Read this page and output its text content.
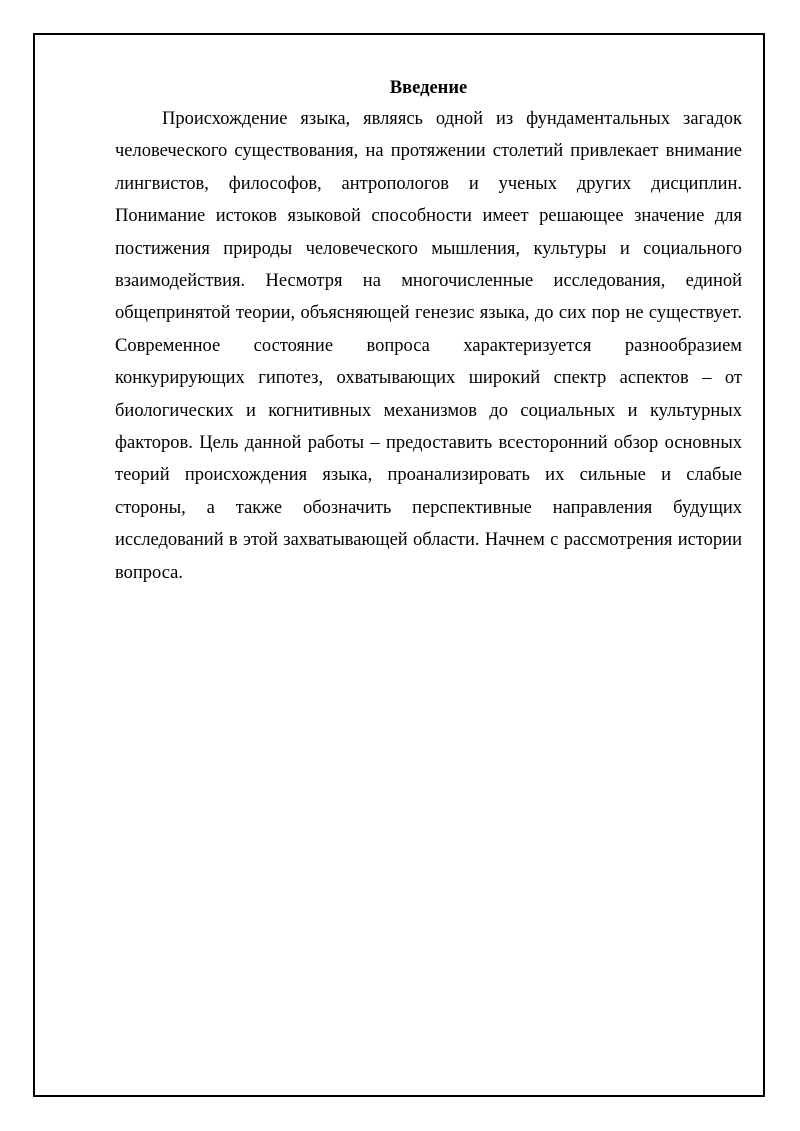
Введение

Происхождение языка, являясь одной из фундаментальных загадок человеческого существования, на протяжении столетий привлекает внимание лингвистов, философов, антропологов и ученых других дисциплин. Понимание истоков языковой способности имеет решающее значение для постижения природы человеческого мышления, культуры и социального взаимодействия. Несмотря на многочисленные исследования, единой общепринятой теории, объясняющей генезис языка, до сих пор не существует. Современное состояние вопроса характеризуется разнообразием конкурирующих гипотез, охватывающих широкий спектр аспектов – от биологических и когнитивных механизмов до социальных и культурных факторов. Цель данной работы – предоставить всесторонний обзор основных теорий происхождения языка, проанализировать их сильные и слабые стороны, а также обозначить перспективные направления будущих исследований в этой захватывающей области. Начнем с рассмотрения истории вопроса.
